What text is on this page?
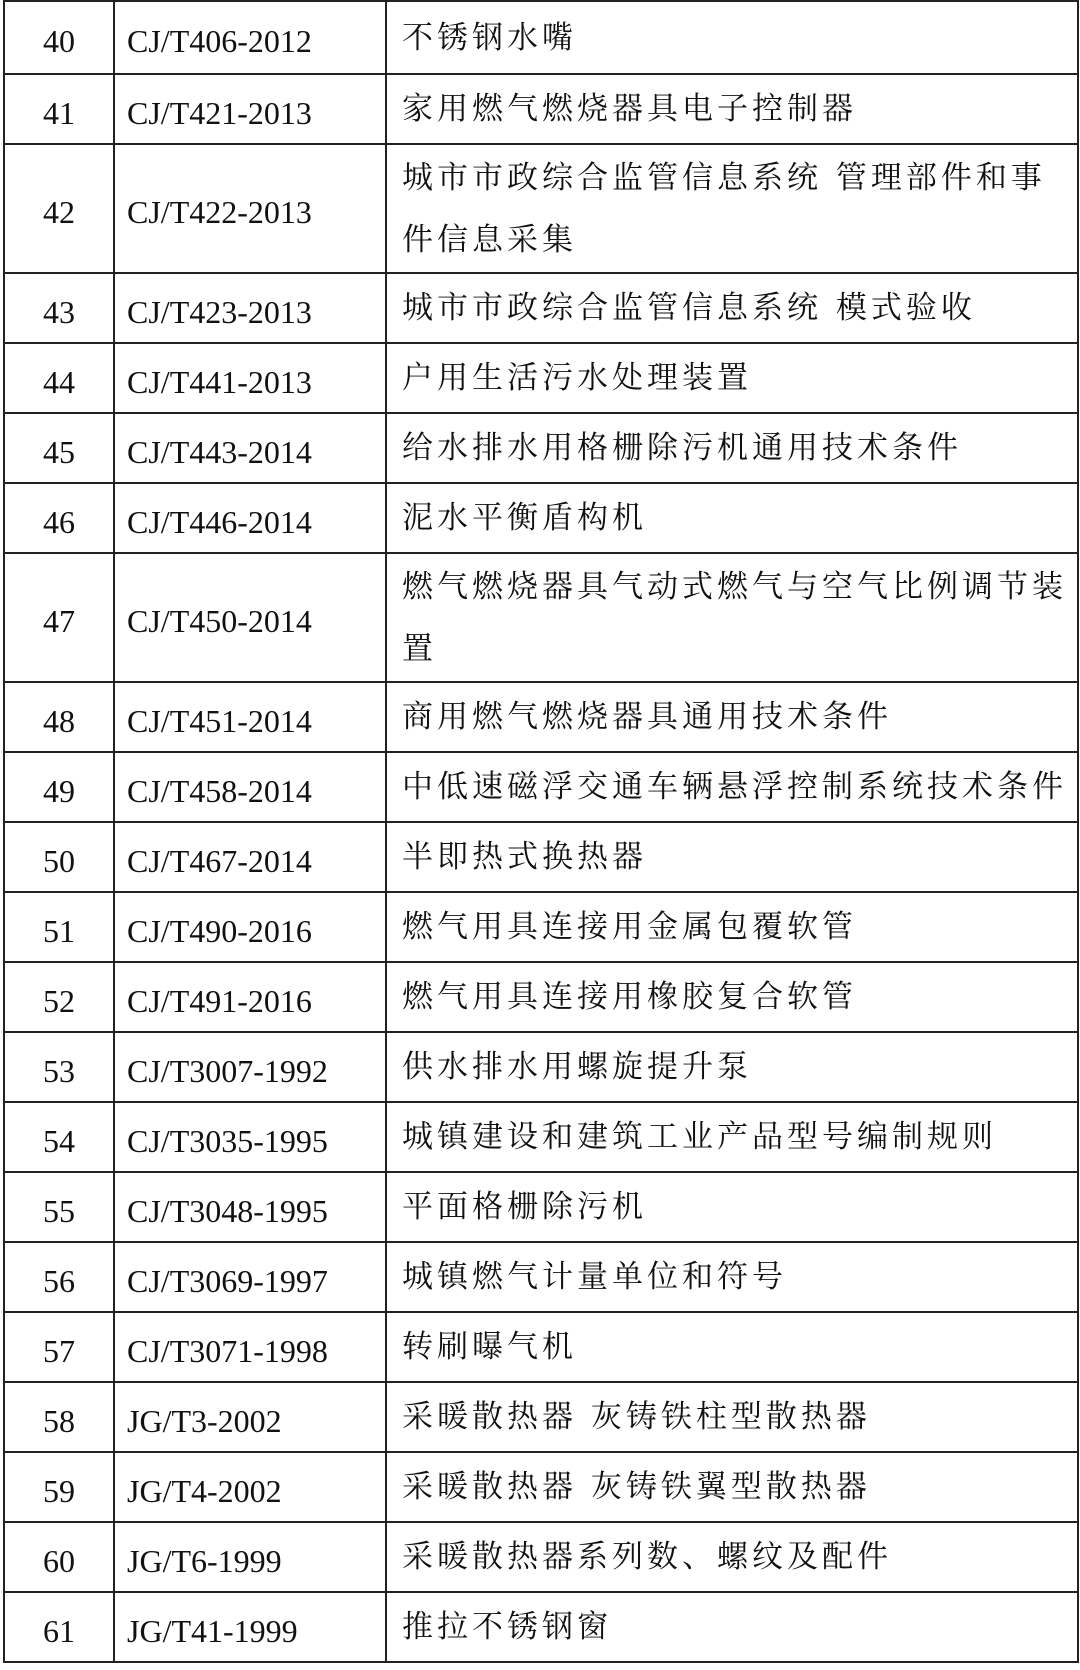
40	CJ/T406-2012	不锈钢水嘴
41	CJ/T421-2013	家用燃气燃烧器具电子控制器
42	CJ/T422-2013	城市市政综合监管信息系统 管理部件和事件信息采集
43	CJ/T423-2013	城市市政综合监管信息系统 模式验收
44	CJ/T441-2013	户用生活污水处理装置
45	CJ/T443-2014	给水排水用格栅除污机通用技术条件
46	CJ/T446-2014	泥水平衡盾构机
47	CJ/T450-2014	燃气燃烧器具气动式燃气与空气比例调节装置
48	CJ/T451-2014	商用燃气燃烧器具通用技术条件
49	CJ/T458-2014	中低速磁浮交通车辆悬浮控制系统技术条件
50	CJ/T467-2014	半即热式换热器
51	CJ/T490-2016	燃气用具连接用金属包覆软管
52	CJ/T491-2016	燃气用具连接用橡胶复合软管
53	CJ/T3007-1992	供水排水用螺旋提升泵
54	CJ/T3035-1995	城镇建设和建筑工业产品型号编制规则
55	CJ/T3048-1995	平面格栅除污机
56	CJ/T3069-1997	城镇燃气计量单位和符号
57	CJ/T3071-1998	转刷曝气机
58	JG/T3-2002	采暖散热器 灰铸铁柱型散热器
59	JG/T4-2002	采暖散热器 灰铸铁翼型散热器
60	JG/T6-1999	采暖散热器系列数、螺纹及配件
61	JG/T41-1999	推拉不锈钢窗
